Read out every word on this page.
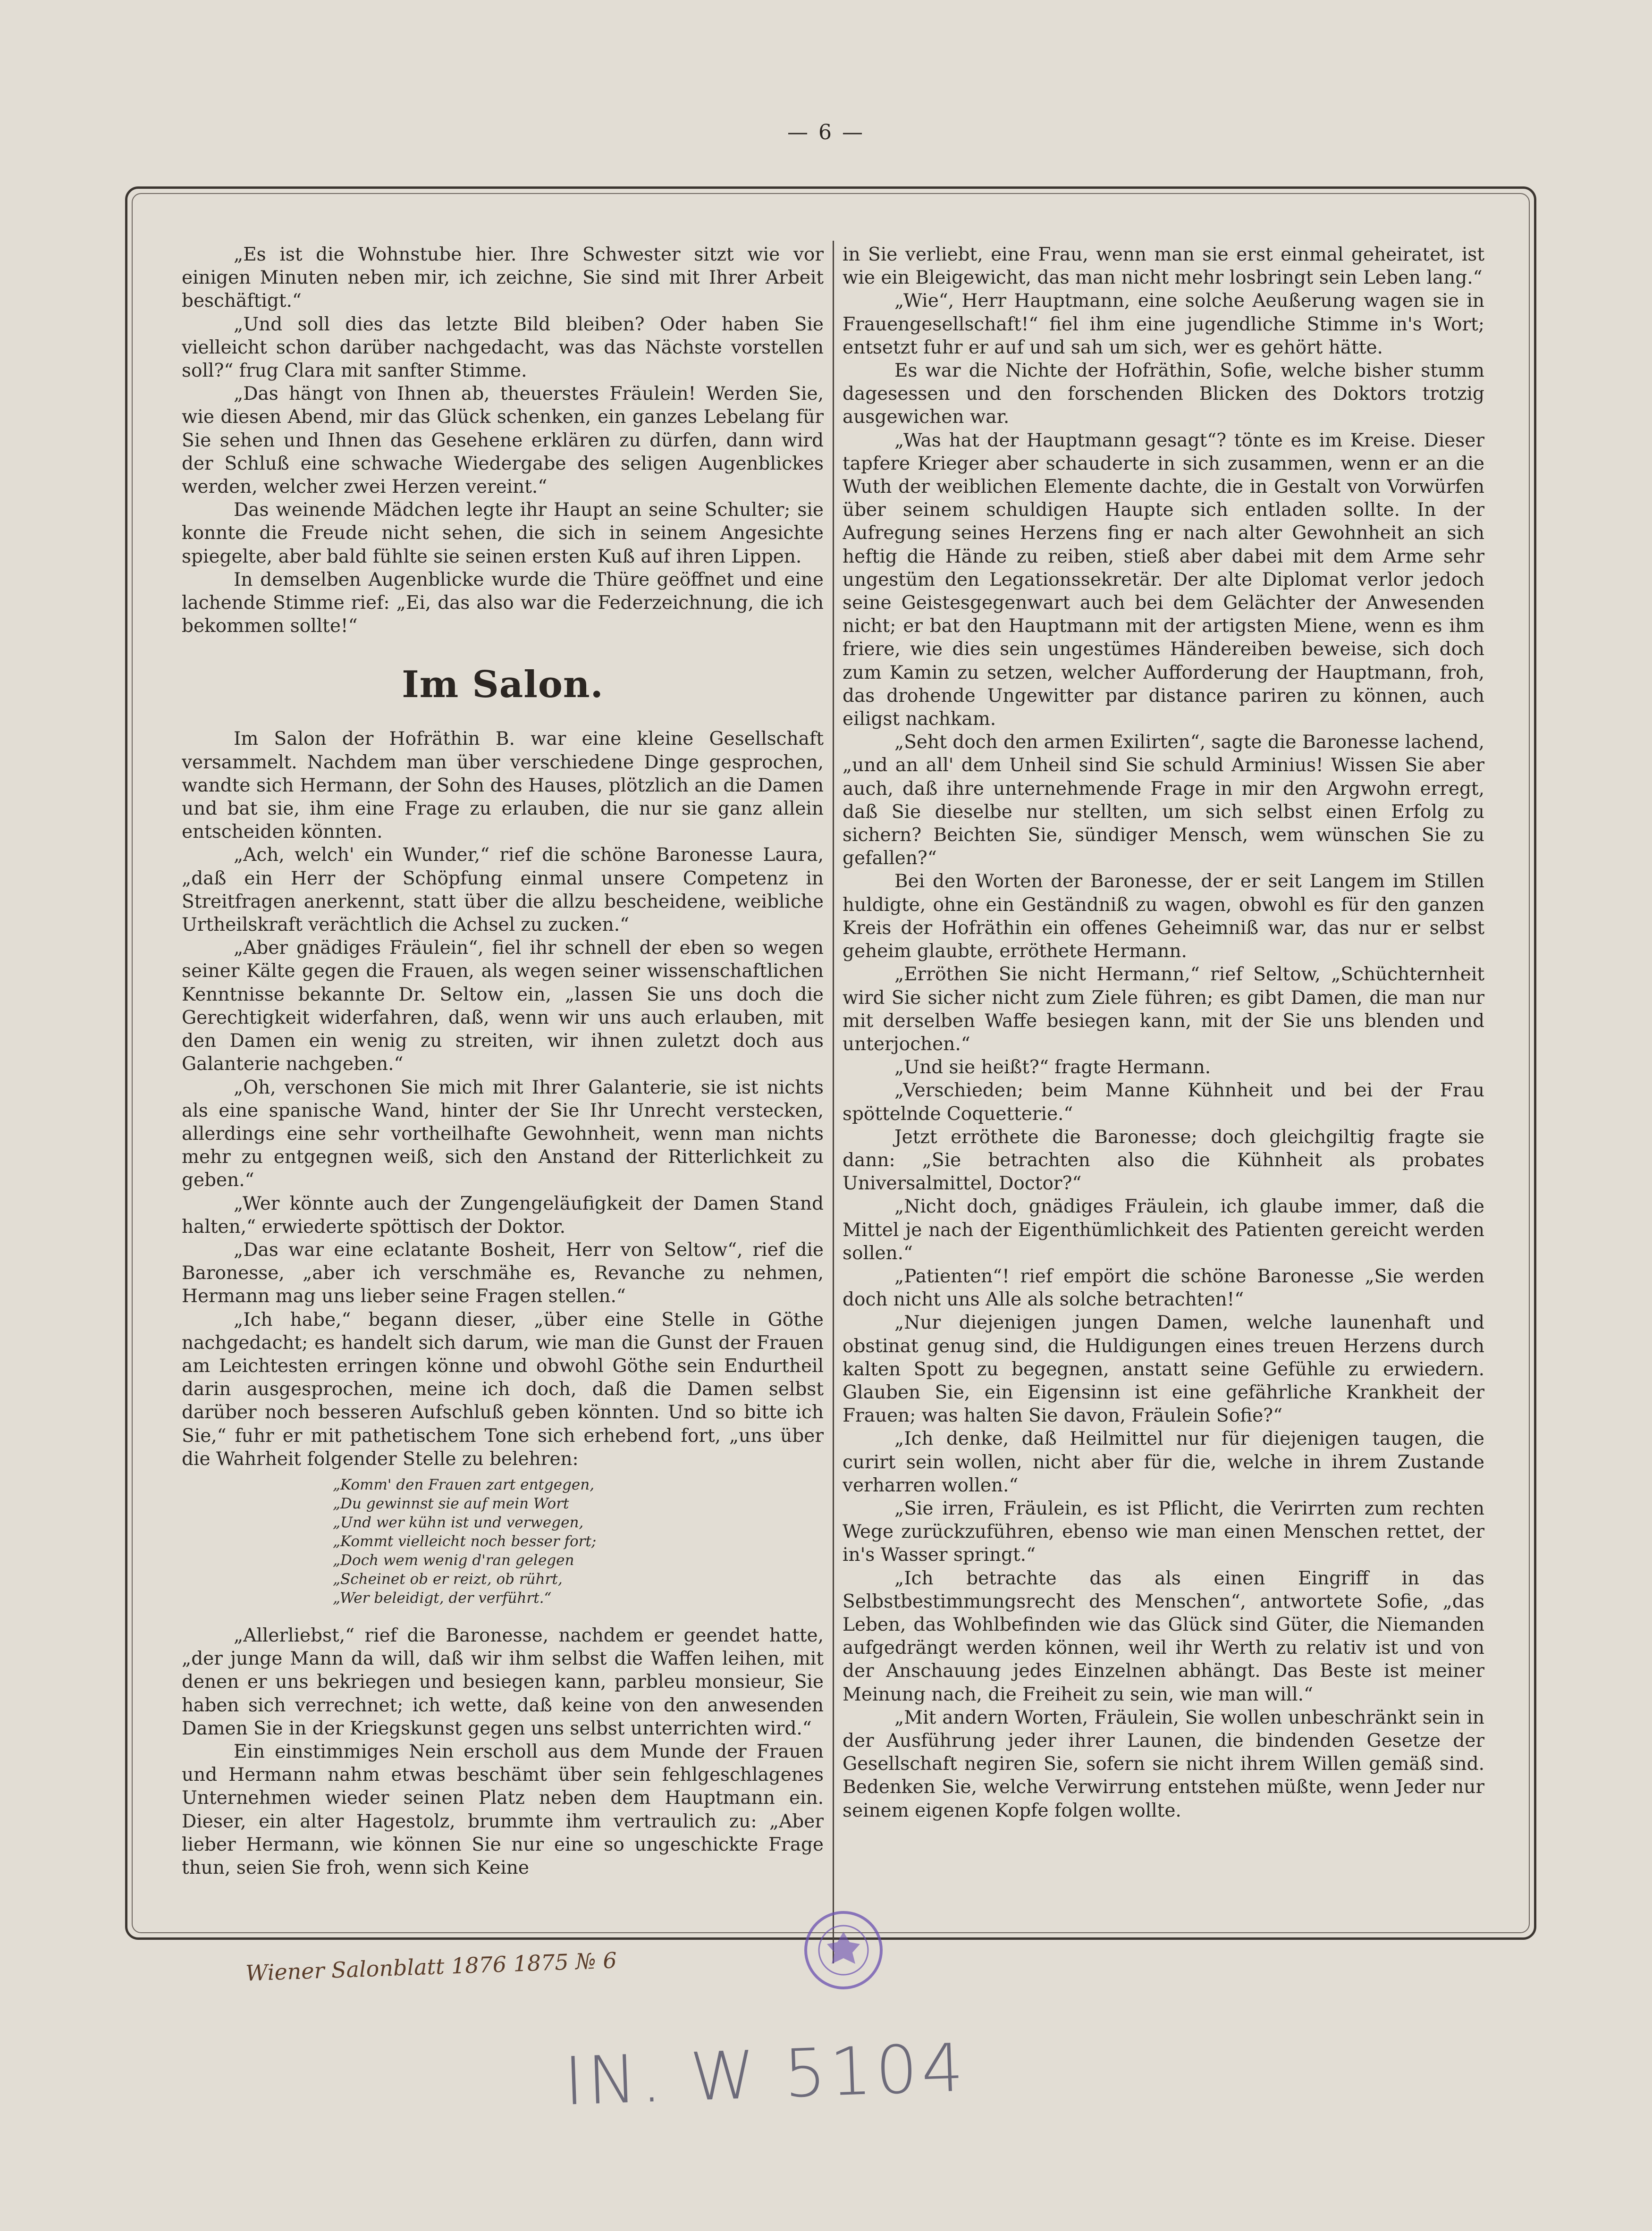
— 6 —

„Es ist die Wohnstube hier. Ihre Schwester sitzt wie vor einigen Minuten neben mir, ich zeichne, Sie sind mit Ihrer Arbeit beschäftigt.“

„Und soll dies das letzte Bild bleiben? Oder haben Sie vielleicht schon darüber nachgedacht, was das Nächste vorstellen soll?“ frug Clara mit sanfter Stimme.

„Das hängt von Ihnen ab, theuerstes Fräulein! Werden Sie, wie diesen Abend, mir das Glück schenken, ein ganzes Lebelang für Sie sehen und Ihnen das Gesehene erklären zu dürfen, dann wird der Schluß eine schwache Wiedergabe des seligen Augenblickes werden, welcher zwei Herzen vereint.“

Das weinende Mädchen legte ihr Haupt an seine Schulter; sie konnte die Freude nicht sehen, die sich in seinem Angesichte spiegelte, aber bald fühlte sie seinen ersten Kuß auf ihren Lippen.

In demselben Augenblicke wurde die Thüre geöffnet und eine lachende Stimme rief: „Ei, das also war die Federzeichnung, die ich bekommen sollte!“

Im Salon.

Im Salon der Hofräthin B. war eine kleine Gesellschaft versammelt. Nachdem man über verschiedene Dinge gesprochen, wandte sich Hermann, der Sohn des Hauses, plötzlich an die Damen und bat sie, ihm eine Frage zu erlauben, die nur sie ganz allein entscheiden könnten.

„Ach, welch' ein Wunder,“ rief die schöne Baronesse Laura, „daß ein Herr der Schöpfung einmal unsere Competenz in Streitfragen anerkennt, statt über die allzu bescheidene, weibliche Urtheilskraft verächtlich die Achsel zu zucken.“

„Aber gnädiges Fräulein“, fiel ihr schnell der eben so wegen seiner Kälte gegen die Frauen, als wegen seiner wissenschaftlichen Kenntnisse bekannte Dr. Seltow ein, „lassen Sie uns doch die Gerechtigkeit widerfahren, daß, wenn wir uns auch erlauben, mit den Damen ein wenig zu streiten, wir ihnen zuletzt doch aus Galanterie nachgeben.“

„Oh, verschonen Sie mich mit Ihrer Galanterie, sie ist nichts als eine spanische Wand, hinter der Sie Ihr Unrecht verstecken, allerdings eine sehr vortheilhafte Gewohnheit, wenn man nichts mehr zu entgegnen weiß, sich den Anstand der Ritterlichkeit zu geben.“

„Wer könnte auch der Zungengeläufigkeit der Damen Stand halten,“ erwiederte spöttisch der Doktor.

„Das war eine eclatante Bosheit, Herr von Seltow“, rief die Baronesse, „aber ich verschmähe es, Revanche zu nehmen, Hermann mag uns lieber seine Fragen stellen.“

„Ich habe,“ begann dieser, „über eine Stelle in Göthe nachgedacht; es handelt sich darum, wie man die Gunst der Frauen am Leichtesten erringen könne und obwohl Göthe sein Endurtheil darin ausgesprochen, meine ich doch, daß die Damen selbst darüber noch besseren Aufschluß geben könnten. Und so bitte ich Sie,“ fuhr er mit pathetischem Tone sich erhebend fort, „uns über die Wahrheit folgender Stelle zu belehren:

„Komm' den Frauen zart entgegen,
„Du gewinnst sie auf mein Wort
„Und wer kühn ist und verwegen,
„Kommt vielleicht noch besser fort;
„Doch wem wenig d'ran gelegen
„Scheinet ob er reizt, ob rührt,
„Wer beleidigt, der verführt.“

„Allerliebst,“ rief die Baronesse, nachdem er geendet hatte, „der junge Mann da will, daß wir ihm selbst die Waffen leihen, mit denen er uns bekriegen und besiegen kann, parbleu monsieur, Sie haben sich verrechnet; ich wette, daß keine von den anwesenden Damen Sie in der Kriegskunst gegen uns selbst unterrichten wird.“

Ein einstimmiges Nein erscholl aus dem Munde der Frauen und Hermann nahm etwas beschämt über sein fehlgeschlagenes Unternehmen wieder seinen Platz neben dem Hauptmann ein. Dieser, ein alter Hagestolz, brummte ihm vertraulich zu: „Aber lieber Hermann, wie können Sie nur eine so ungeschickte Frage thun, seien Sie froh, wenn sich Keine

in Sie verliebt, eine Frau, wenn man sie erst einmal geheiratet, ist wie ein Bleigewicht, das man nicht mehr losbringt sein Leben lang.“

„Wie“, Herr Hauptmann, eine solche Aeußerung wagen sie in Frauengesellschaft!“ fiel ihm eine jugendliche Stimme in's Wort; entsetzt fuhr er auf und sah um sich, wer es gehört hätte.

Es war die Nichte der Hofräthin, Sofie, welche bisher stumm dagesessen und den forschenden Blicken des Doktors trotzig ausgewichen war.

„Was hat der Hauptmann gesagt“? tönte es im Kreise. Dieser tapfere Krieger aber schauderte in sich zusammen, wenn er an die Wuth der weiblichen Elemente dachte, die in Gestalt von Vorwürfen über seinem schuldigen Haupte sich entladen sollte. In der Aufregung seines Herzens fing er nach alter Gewohnheit an sich heftig die Hände zu reiben, stieß aber dabei mit dem Arme sehr ungestüm den Legationssekretär. Der alte Diplomat verlor jedoch seine Geistesgegenwart auch bei dem Gelächter der Anwesenden nicht; er bat den Hauptmann mit der artigsten Miene, wenn es ihm friere, wie dies sein ungestümes Händereiben beweise, sich doch zum Kamin zu setzen, welcher Aufforderung der Hauptmann, froh, das drohende Ungewitter par distance pariren zu können, auch eiligst nachkam.

„Seht doch den armen Exilirten“, sagte die Baronesse lachend, „und an all' dem Unheil sind Sie schuld Arminius! Wissen Sie aber auch, daß ihre unternehmende Frage in mir den Argwohn erregt, daß Sie dieselbe nur stellten, um sich selbst einen Erfolg zu sichern? Beichten Sie, sündiger Mensch, wem wünschen Sie zu gefallen?“

Bei den Worten der Baronesse, der er seit Langem im Stillen huldigte, ohne ein Geständniß zu wagen, obwohl es für den ganzen Kreis der Hofräthin ein offenes Geheimniß war, das nur er selbst geheim glaubte, erröthete Hermann.

„Erröthen Sie nicht Hermann,“ rief Seltow, „Schüchternheit wird Sie sicher nicht zum Ziele führen; es gibt Damen, die man nur mit derselben Waffe besiegen kann, mit der Sie uns blenden und unterjochen.“

„Und sie heißt?“ fragte Hermann.

„Verschieden; beim Manne Kühnheit und bei der Frau spöttelnde Coquetterie.“

Jetzt erröthete die Baronesse; doch gleichgiltig fragte sie dann: „Sie betrachten also die Kühnheit als probates Universalmittel, Doctor?“

„Nicht doch, gnädiges Fräulein, ich glaube immer, daß die Mittel je nach der Eigenthümlichkeit des Patienten gereicht werden sollen.“

„Patienten“! rief empört die schöne Baronesse „Sie werden doch nicht uns Alle als solche betrachten!“

„Nur diejenigen jungen Damen, welche launenhaft und obstinat genug sind, die Huldigungen eines treuen Herzens durch kalten Spott zu begegnen, anstatt seine Gefühle zu erwiedern. Glauben Sie, ein Eigensinn ist eine gefährliche Krankheit der Frauen; was halten Sie davon, Fräulein Sofie?“

„Ich denke, daß Heilmittel nur für diejenigen taugen, die curirt sein wollen, nicht aber für die, welche in ihrem Zustande verharren wollen.“

„Sie irren, Fräulein, es ist Pflicht, die Verirrten zum rechten Wege zurückzuführen, ebenso wie man einen Menschen rettet, der in's Wasser springt.“

„Ich betrachte das als einen Eingriff in das Selbstbestimmungsrecht des Menschen“, antwortete Sofie, „das Leben, das Wohlbefinden wie das Glück sind Güter, die Niemanden aufgedrängt werden können, weil ihr Werth zu relativ ist und von der Anschauung jedes Einzelnen abhängt. Das Beste ist meiner Meinung nach, die Freiheit zu sein, wie man will.“

„Mit andern Worten, Fräulein, Sie wollen unbeschränkt sein in der Ausführung jeder ihrer Launen, die bindenden Gesetze der Gesellschaft negiren Sie, sofern sie nicht ihrem Willen gemäß sind. Bedenken Sie, welche Verwirrung entstehen müßte, wenn Jeder nur seinem eigenen Kopfe folgen wollte.

Wiener Salonblatt 1876 1875 № 6
IN. W 5104
